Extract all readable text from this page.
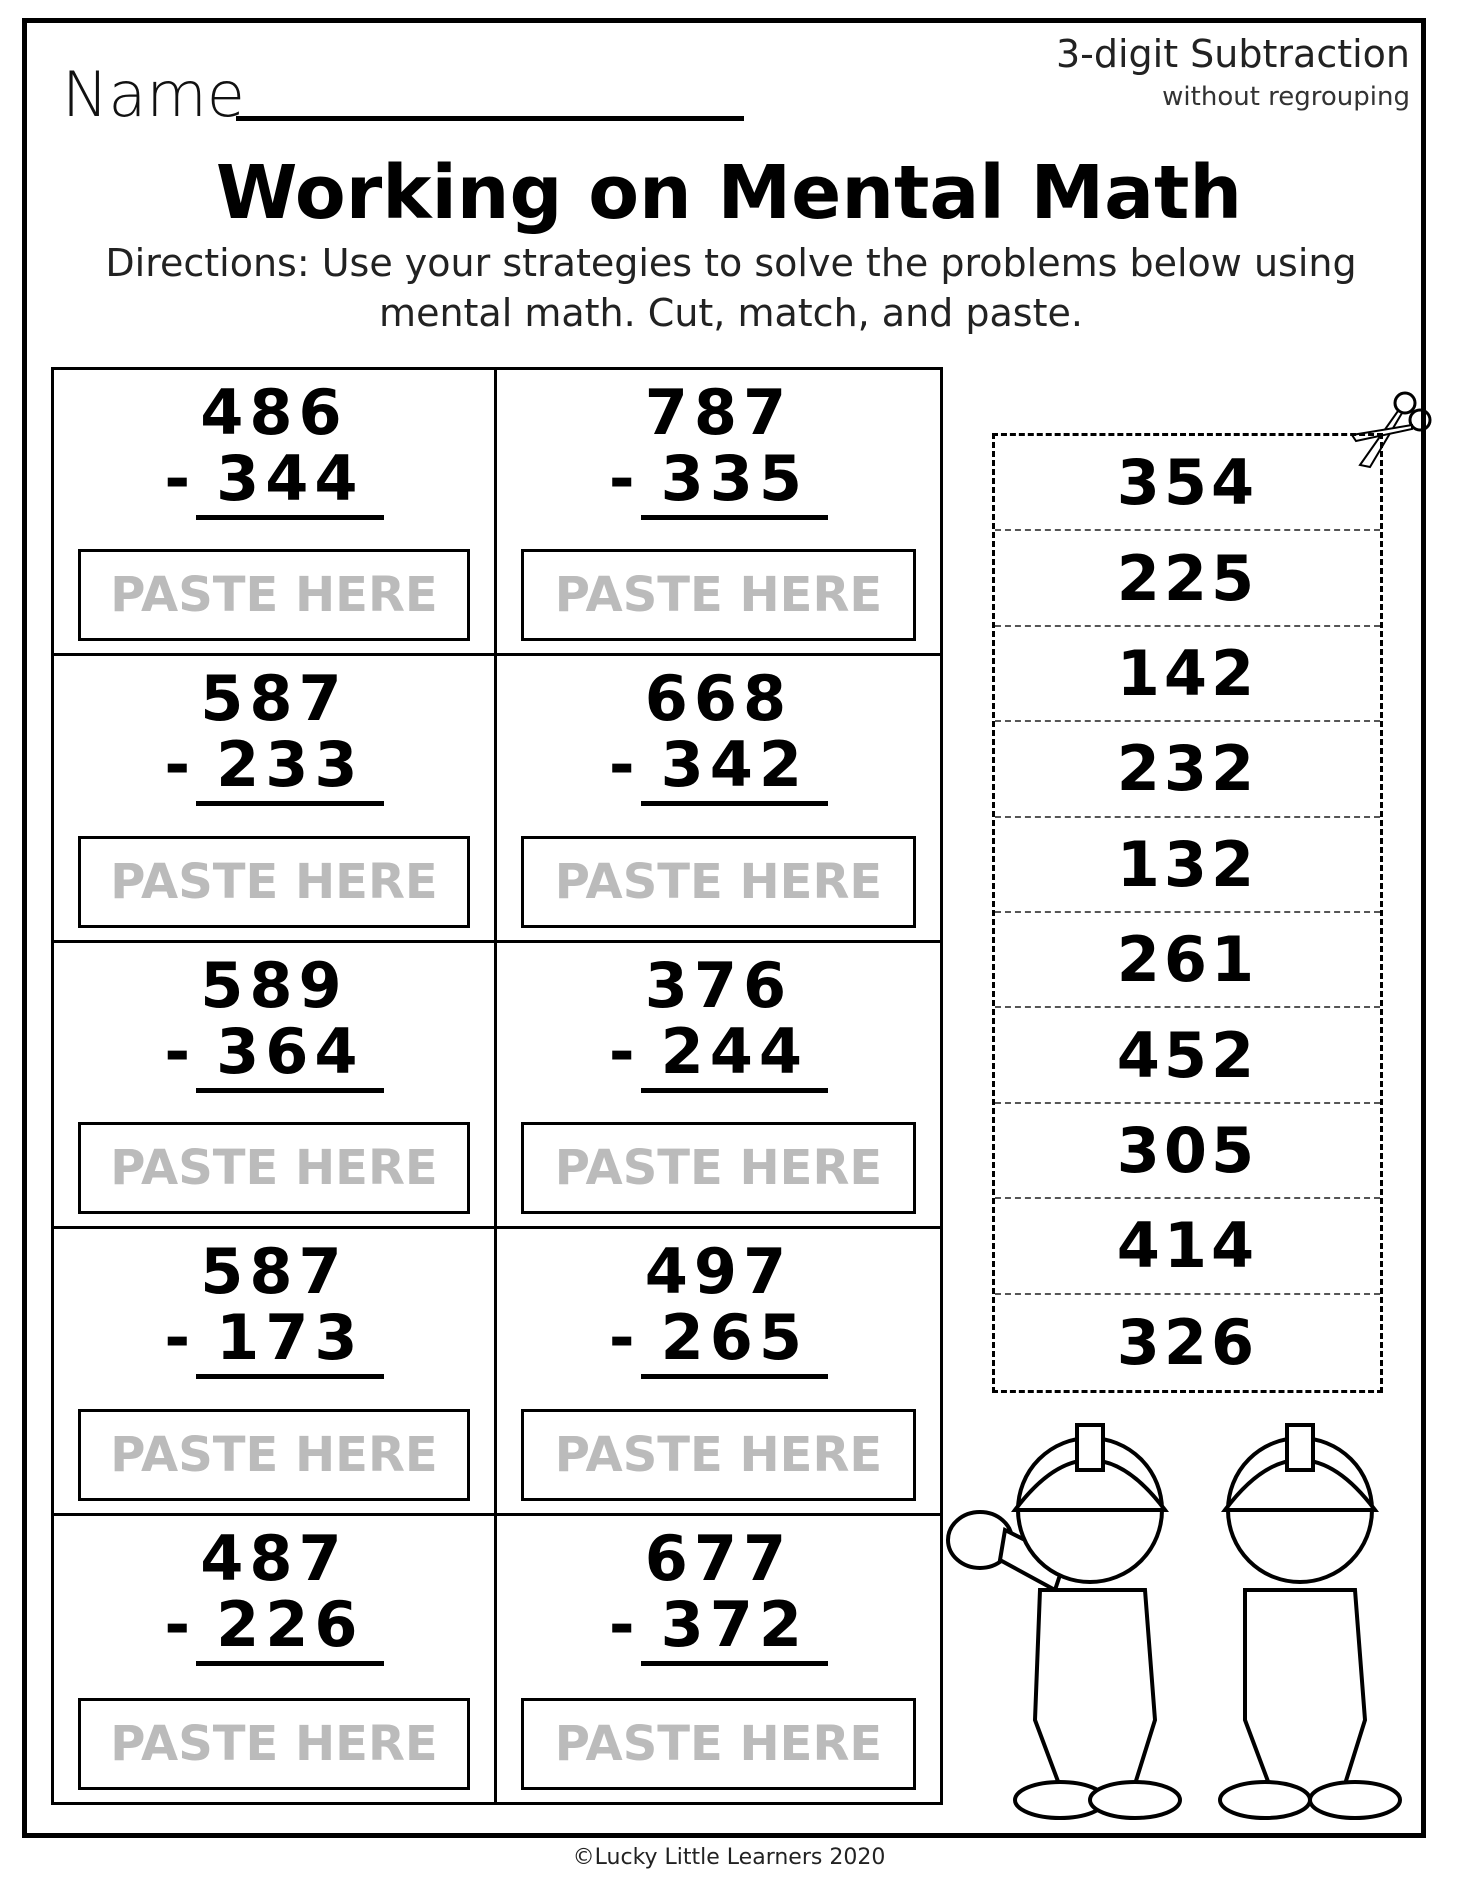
Name
3-digit Subtraction
without regrouping
Working on Mental Math
Directions: Use your strategies to solve the problems below using mental math. Cut, match, and paste.
486
- 344
PASTE HERE
787
- 335
PASTE HERE
587
- 233
PASTE HERE
668
- 342
PASTE HERE
589
- 364
PASTE HERE
376
- 244
PASTE HERE
587
- 173
PASTE HERE
497
- 265
PASTE HERE
487
- 226
PASTE HERE
677
- 372
PASTE HERE
354
225
142
232
132
261
452
305
414
326
©Lucky Little Learners 2020
